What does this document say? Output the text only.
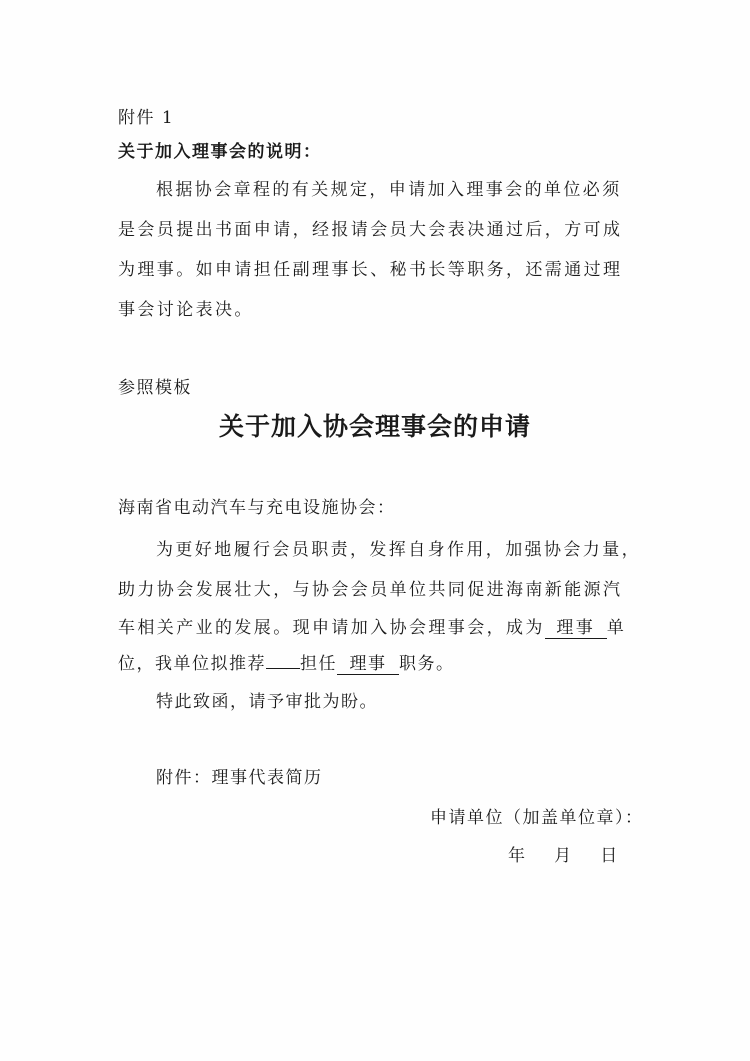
附件 1
关于加入理事会的说明：
根据协会章程的有关规定，申请加入理事会的单位必须
是会员提出书面申请，经报请会员大会表决通过后，方可成
为理事。如申请担任副理事长、秘书长等职务，还需通过理
事会讨论表决。
参照模板
关于加入协会理事会的申请
海南省电动汽车与充电设施协会：
为更好地履行会员职责，发挥自身作用，加强协会力量，
助力协会发展壮大，与协会会员单位共同促进海南新能源汽
车相关产业的发展。现申请加入协会理事会，成为 理事 单
位，我单位拟推荐 担任 理事 职务。
特此致函，请予审批为盼。
附件：理事代表简历
申请单位（加盖单位章）：
年    月    日
